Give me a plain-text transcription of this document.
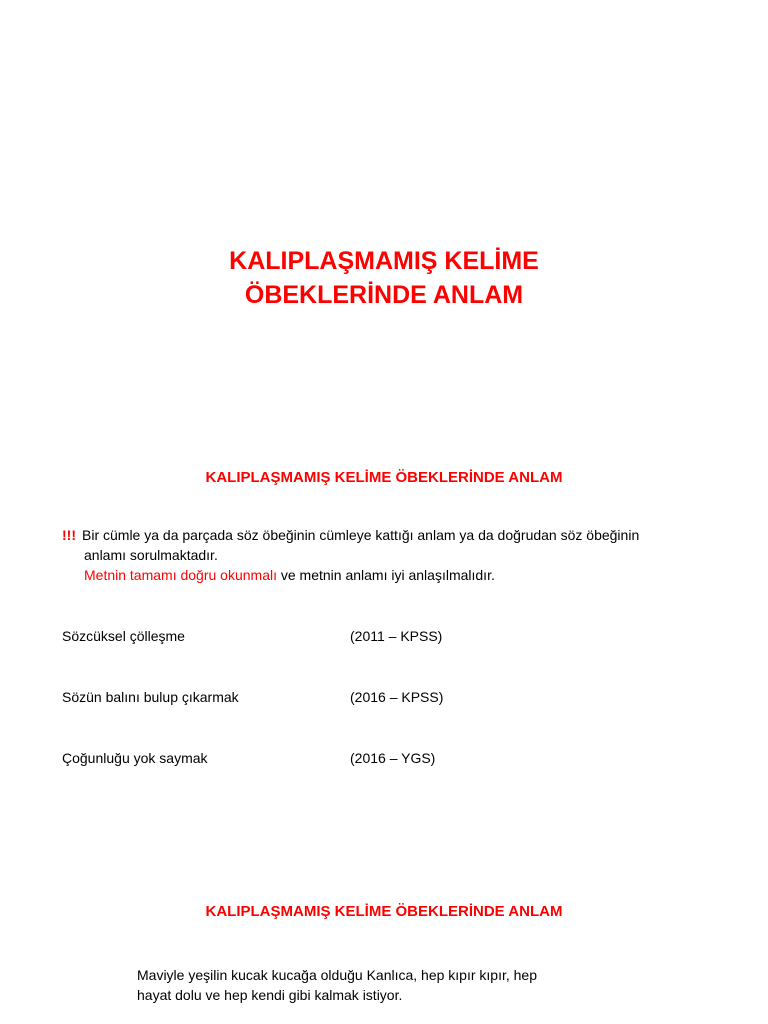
KALIPLAŞMAMIŞ KELİME
ÖBEKLERİNDE ANLAM
KALIPLAŞMAMIŞ KELİME ÖBEKLERİNDE ANLAM
!!! Bir cümle ya da parçada söz öbeğinin cümleye kattığı anlam ya da doğrudan söz öbeğinin
anlamı sorulmaktadır.
Metnin tamamı doğru okunmalı ve metnin anlamı iyi anlaşılmalıdır.
Sözcüksel çölleşme	(2011 – KPSS)
Sözün balını bulup çıkarmak	(2016 – KPSS)
Çoğunluğu yok saymak	(2016 – YGS)
KALIPLAŞMAMIŞ KELİME ÖBEKLERİNDE ANLAM
Maviyle yeşilin kucak kucağa olduğu Kanlıca, hep kıpır kıpır, hep
hayat dolu ve hep kendi gibi kalmak istiyor.
